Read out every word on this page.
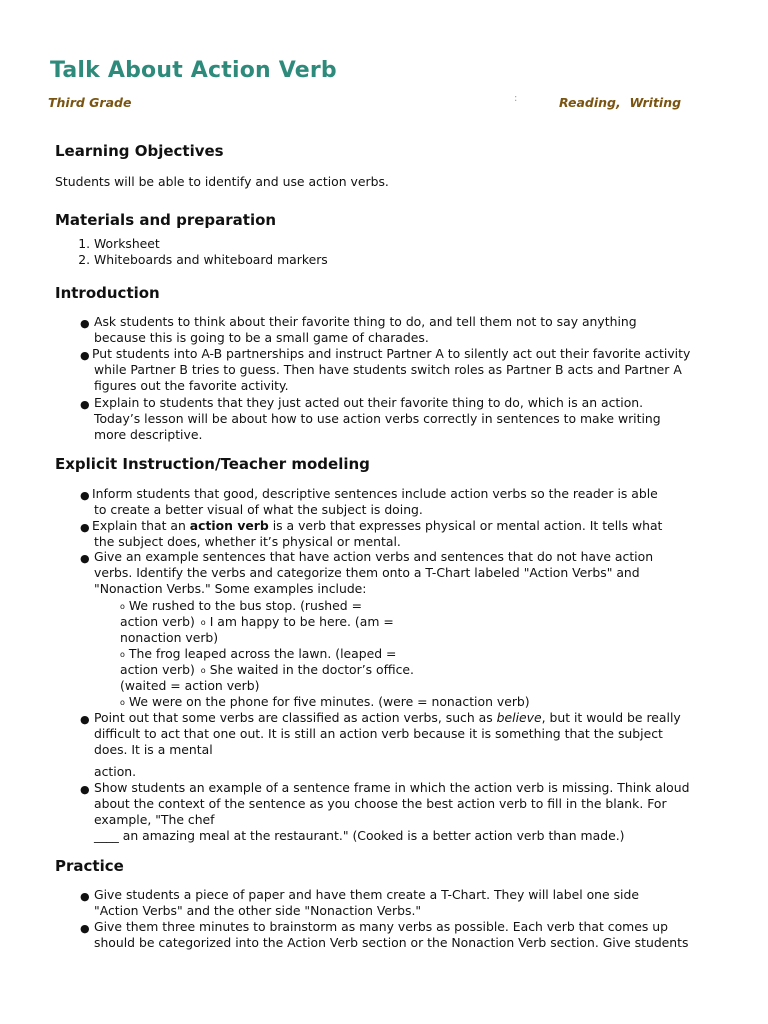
Talk About Action Verb
Third Grade	:	Reading,  Writing
Learning Objectives

Students will be able to identify and use action verbs.

Materials and preparation
1. Worksheet
2. Whiteboards and whiteboard markers
Introduction
● Ask students to think about their favorite thing to do, and tell them not to say anything
because this is going to be a small game of charades.
● Put students into A-B partnerships and instruct Partner A to silently act out their favorite activity
while Partner B tries to guess. Then have students switch roles as Partner B acts and Partner A
figures out the favorite activity.
● Explain to students that they just acted out their favorite thing to do, which is an action.
Today’s lesson will be about how to use action verbs correctly in sentences to make writing
more descriptive.
Explicit Instruction/Teacher modeling
● Inform students that good, descriptive sentences include action verbs so the reader is able
to create a better visual of what the subject is doing.
● Explain that an action verb is a verb that expresses physical or mental action. It tells what
the subject does, whether it’s physical or mental.
● Give an example sentences that have action verbs and sentences that do not have action
verbs. Identify the verbs and categorize them onto a T-Chart labeled "Action Verbs" and
"Nonaction Verbs." Some examples include:
o We rushed to the bus stop. (rushed =
action verb) o I am happy to be here. (am =
nonaction verb)
o The frog leaped across the lawn. (leaped =
action verb) o She waited in the doctor’s office.
(waited = action verb)
o We were on the phone for five minutes. (were = nonaction verb)
● Point out that some verbs are classified as action verbs, such as believe, but it would be really
difficult to act that one out. It is still an action verb because it is something that the subject
does. It is a mental
action.
● Show students an example of a sentence frame in which the action verb is missing. Think aloud
about the context of the sentence as you choose the best action verb to fill in the blank. For
example, "The chef
____ an amazing meal at the restaurant." (Cooked is a better action verb than made.)
Practice
● Give students a piece of paper and have them create a T-Chart. They will label one side
"Action Verbs" and the other side "Nonaction Verbs."
● Give them three minutes to brainstorm as many verbs as possible. Each verb that comes up
should be categorized into the Action Verb section or the Nonaction Verb section. Give students
